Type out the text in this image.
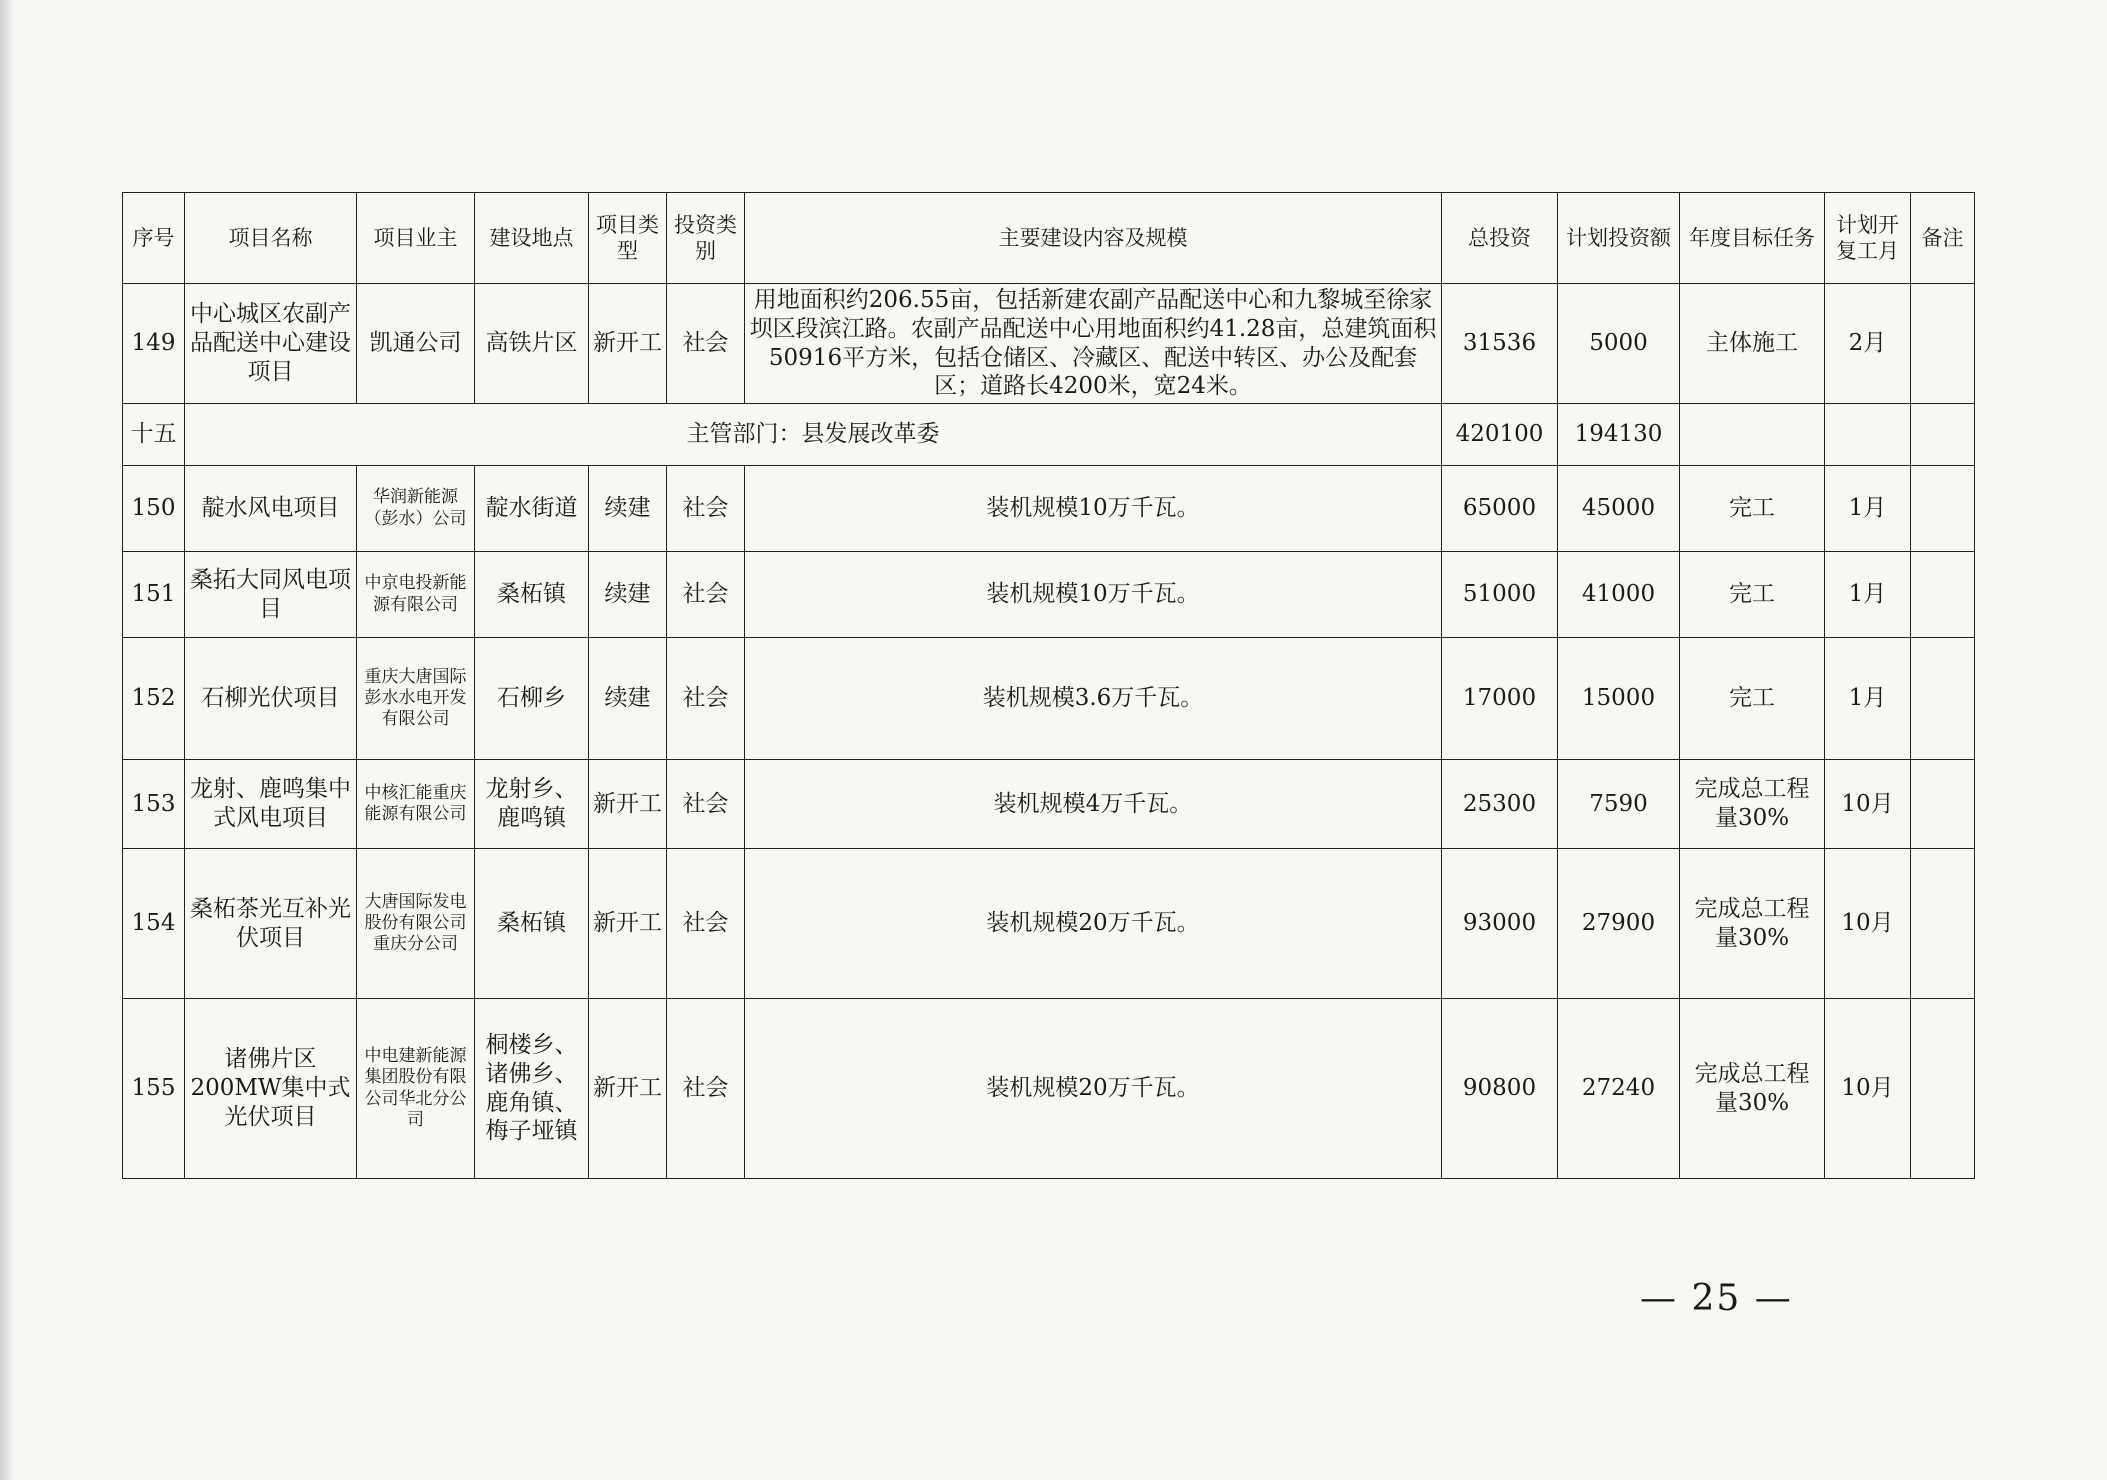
序号	项目名称	项目业主	建设地点	项目类型	投资类别	主要建设内容及规模	总投资	计划投资额	年度目标任务	计划开复工月	备注
149	中心城区农副产品配送中心建设项目	凯通公司	高铁片区	新开工	社会	用地面积约206.55亩，包括新建农副产品配送中心和九黎城至徐家坝区段滨江路。农副产品配送中心用地面积约41.28亩，总建筑面积50916平方米，包括仓储区、冷藏区、配送中转区、办公及配套区；道路长4200米，宽24米。	31536	5000	主体施工	2月	
十五	主管部门：县发展改革委						420100	194130			
150	靛水风电项目	华润新能源（彭水）公司	靛水街道	续建	社会	装机规模10万千瓦。	65000	45000	完工	1月	
151	桑拓大同风电项目	中京电投新能源有限公司	桑柘镇	续建	社会	装机规模10万千瓦。	51000	41000	完工	1月	
152	石柳光伏项目	重庆大唐国际彭水水电开发有限公司	石柳乡	续建	社会	装机规模3.6万千瓦。	17000	15000	完工	1月	
153	龙射、鹿鸣集中式风电项目	中核汇能重庆能源有限公司	龙射乡、鹿鸣镇	新开工	社会	装机规模4万千瓦。	25300	7590	完成总工程量30%	10月	
154	桑柘茶光互补光伏项目	大唐国际发电股份有限公司重庆分公司	桑柘镇	新开工	社会	装机规模20万千瓦。	93000	27900	完成总工程量30%	10月	
155	诸佛片区200MW集中式光伏项目	中电建新能源集团股份有限公司华北分公司	桐楼乡、诸佛乡、鹿角镇、梅子垭镇	新开工	社会	装机规模20万千瓦。	90800	27240	完成总工程量30%	10月	
— 25 —
